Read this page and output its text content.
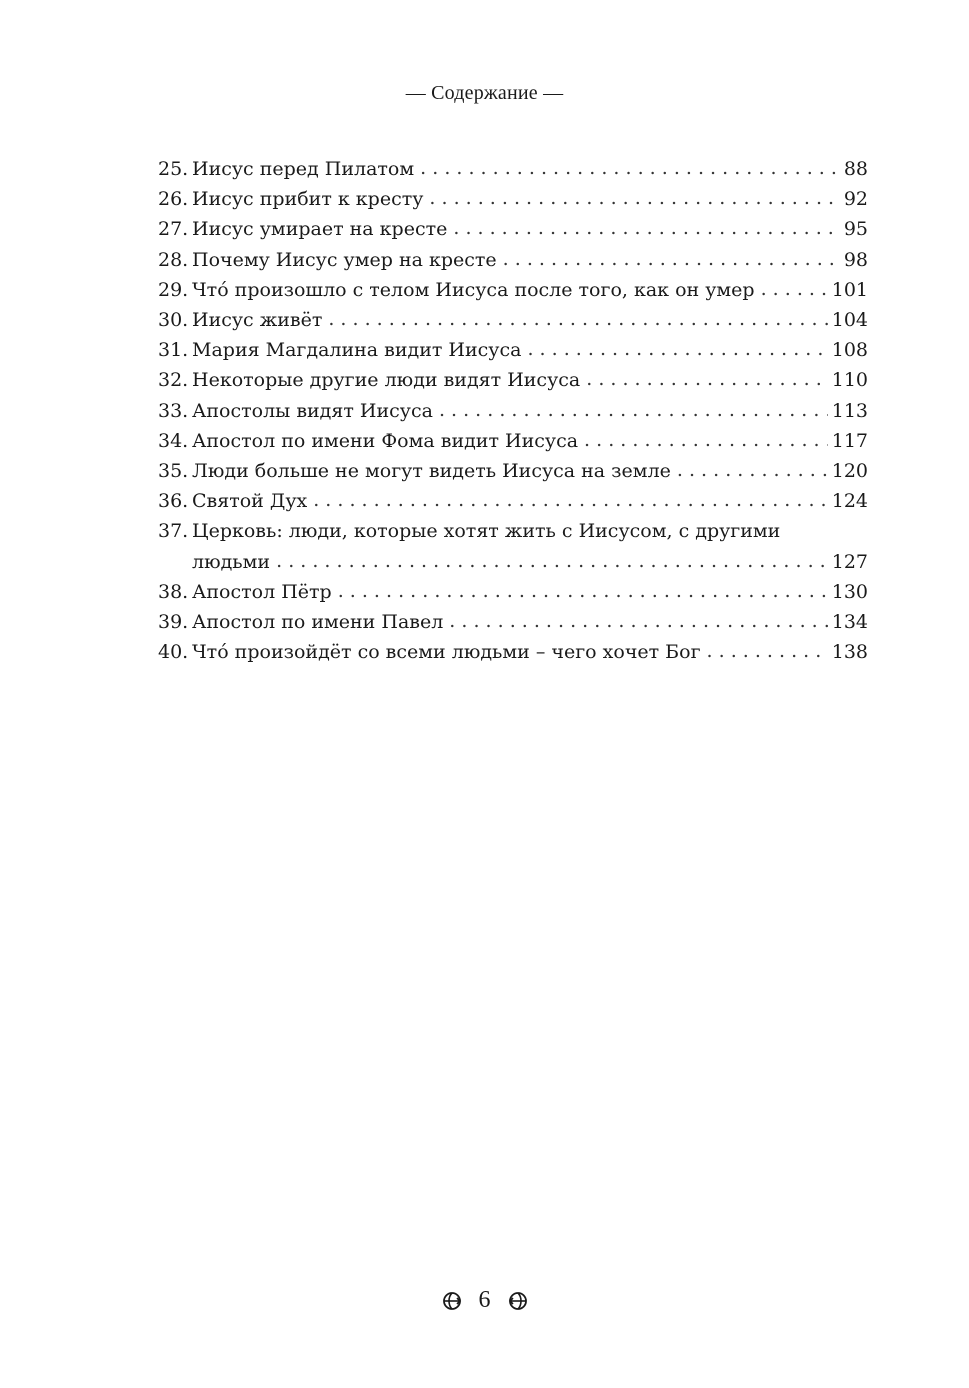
— Содержание —
25. Иисус перед Пилатом . . .	88
26. Иисус прибит к кресту . . .	92
27. Иисус умирает на кресте . . .	95
28. Почему Иисус умер на кресте . . .	98
29. Чтó произошло с телом Иисуса после того, как он умер . . .	101
30. Иисус живёт . . .	104
31. Мария Магдалина видит Иисуса . . .	108
32. Некоторые другие люди видят Иисуса . . .	110
33. Апостолы видят Иисуса . . .	113
34. Апостол по имени Фома видит Иисуса . . .	117
35. Люди больше не могут видеть Иисуса на земле . . .	120
36. Святой Дух . . .	124
37. Церковь: люди, которые хотят жить с Иисусом, с другими
людьми . . .	127
38. Апостол Пётр . . .	130
39. Апостол по имени Павел . . .	134
40. Чтó произойдёт со всеми людьми – чего хочет Бог . . .	138
6
